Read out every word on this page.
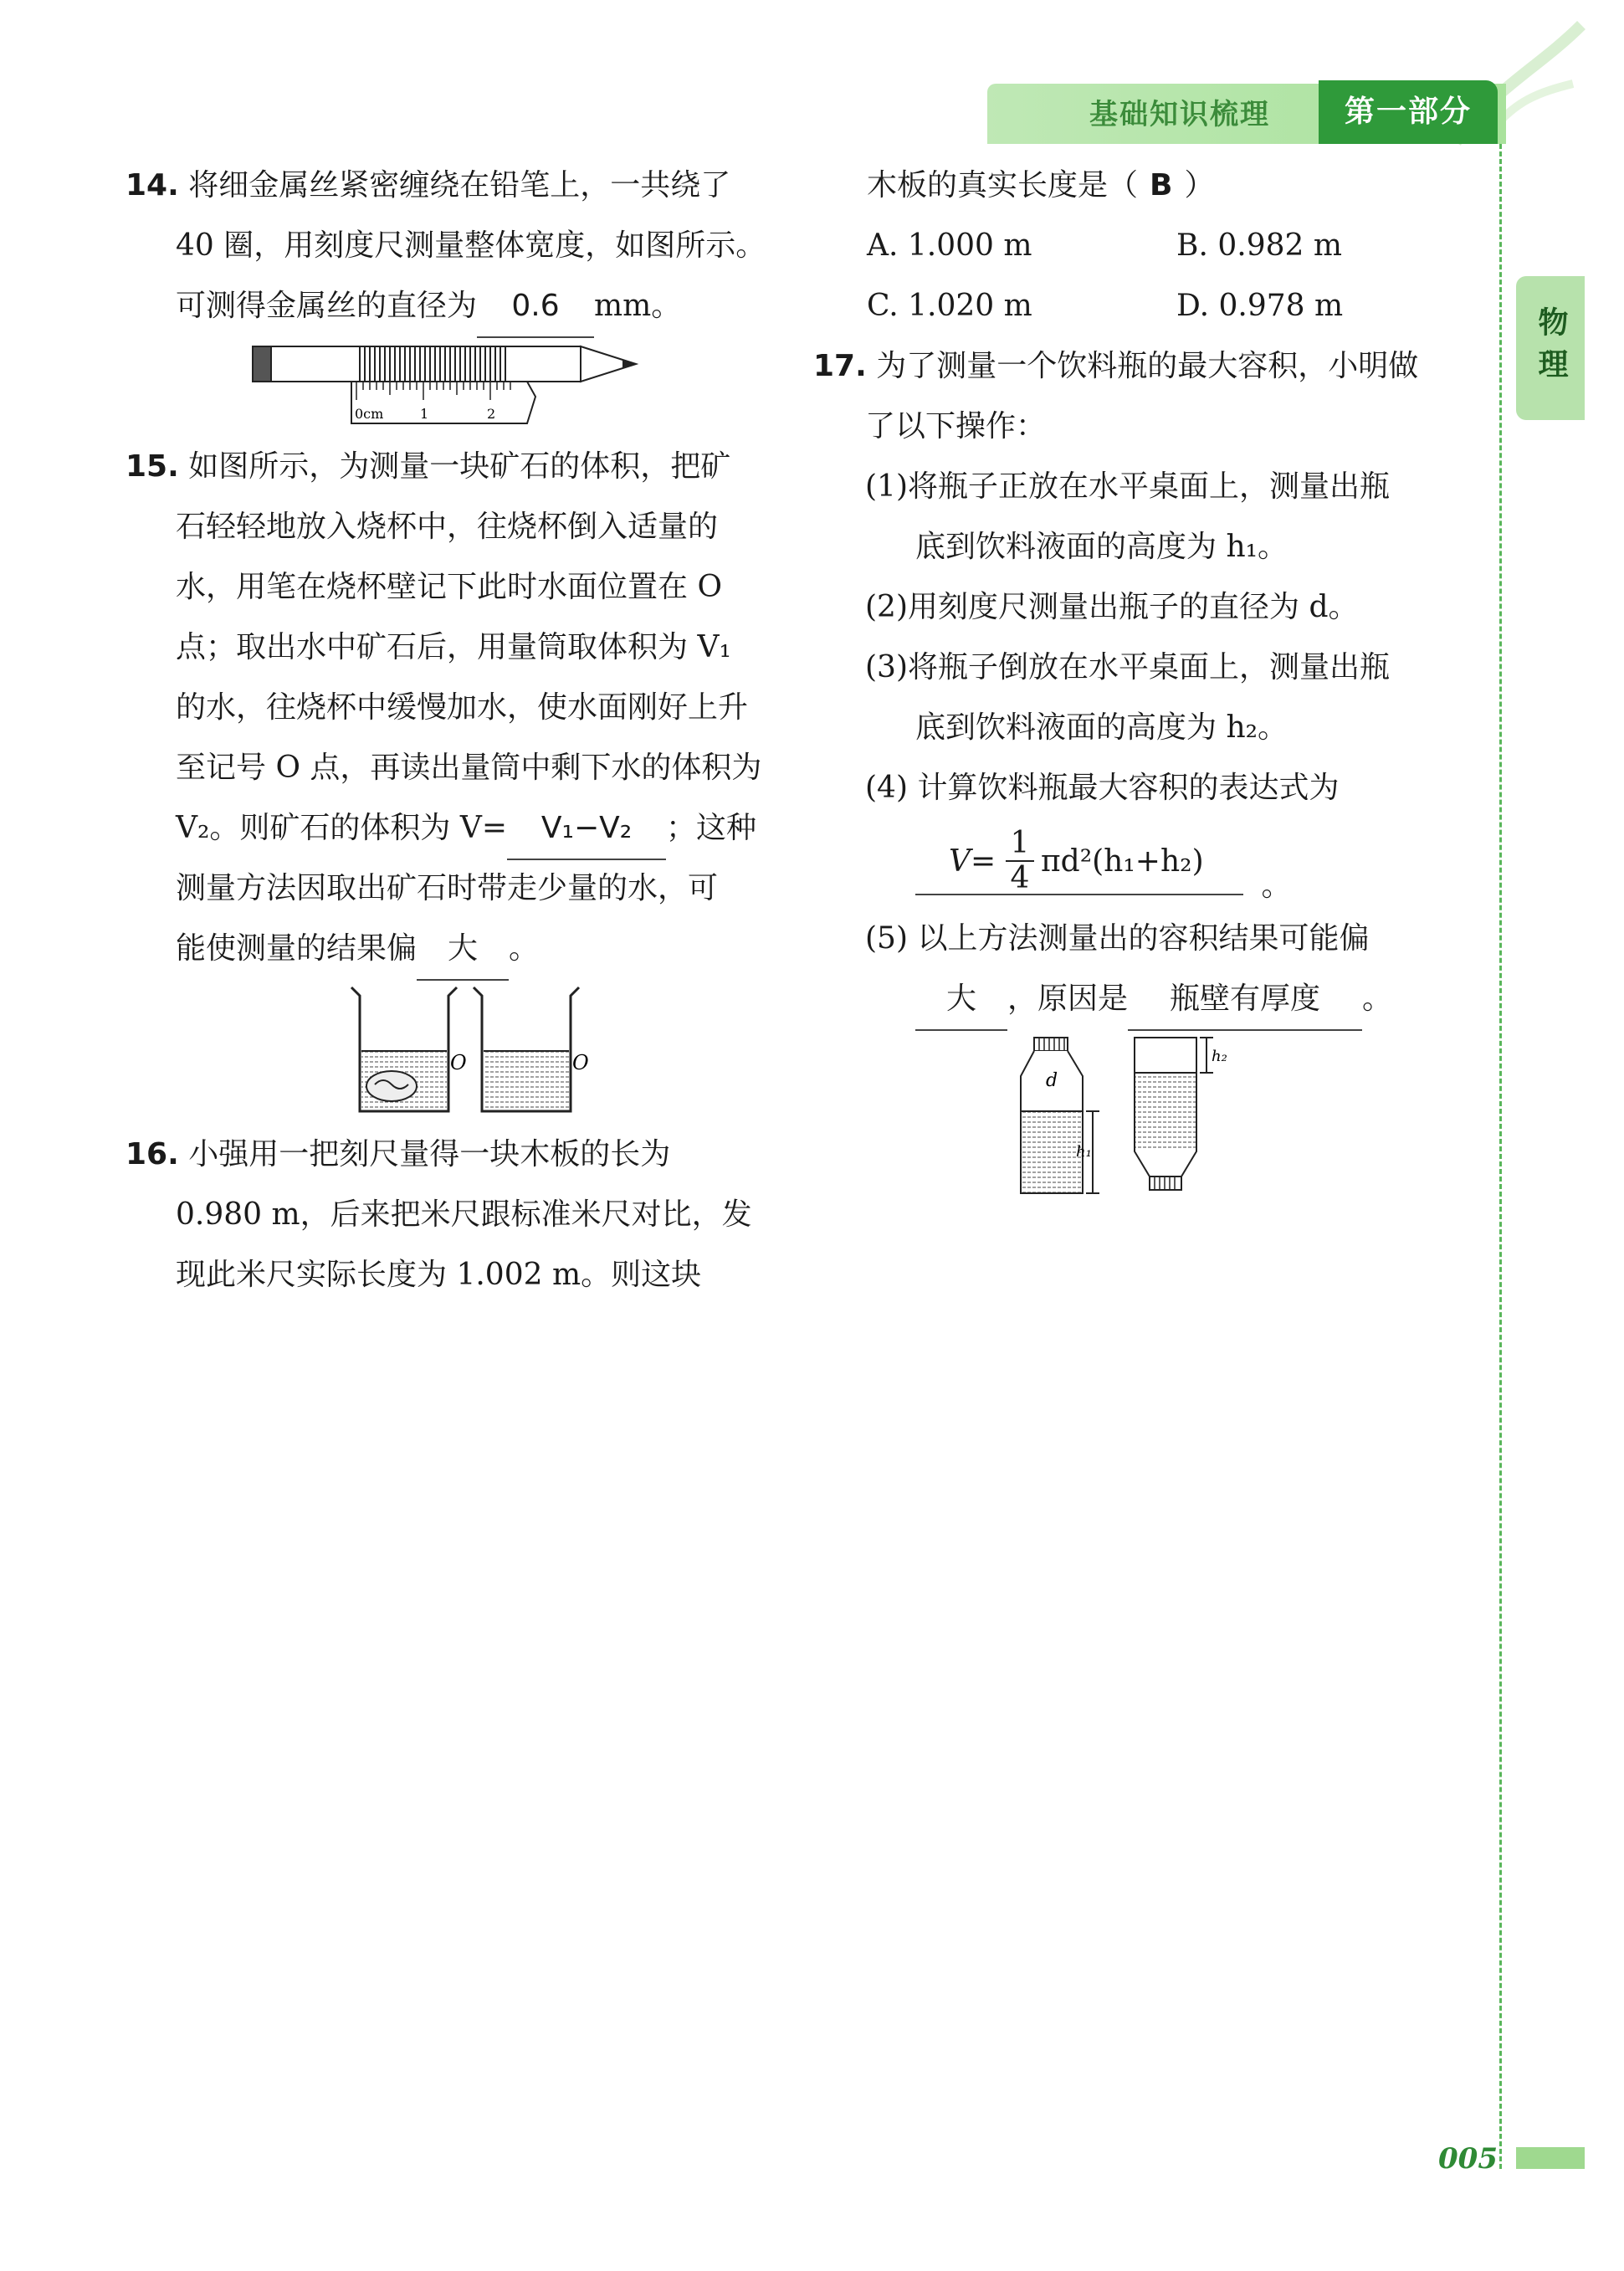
基础知识梳理	第一部分
物理
14. 将细金属丝紧密缠绕在铅笔上，一共绕了
40 圈，用刻度尺测量整体宽度，如图所示。
可测得金属丝的直径为 0.6 mm。
0cm	1	2
15. 如图所示，为测量一块矿石的体积，把矿
石轻轻地放入烧杯中，往烧杯倒入适量的
水，用笔在烧杯壁记下此时水面位置在 O
点；取出水中矿石后，用量筒取体积为 V₁
的水，往烧杯中缓慢加水，使水面刚好上升
至记号 O 点，再读出量筒中剩下水的体积为
V₂。则矿石的体积为 V= V₁−V₂ ；这种
测量方法因取出矿石时带走少量的水，可
能使测量的结果偏 大 。
O	O
16. 小强用一把刻尺量得一块木板的长为
0.980 m，后来把米尺跟标准米尺对比，发
现此米尺实际长度为 1.002 m。则这块
木板的真实长度是（ B ）
A. 1.000 m	B. 0.982 m
C. 1.020 m	D. 0.978 m
17. 为了测量一个饮料瓶的最大容积，小明做
了以下操作：
(1)将瓶子正放在水平桌面上，测量出瓶
底到饮料液面的高度为 h₁。
(2)用刻度尺测量出瓶子的直径为 d。
(3)将瓶子倒放在水平桌面上，测量出瓶
底到饮料液面的高度为 h₂。
(4) 计算饮料瓶最大容积的表达式为
V=
1
4 πd²(h₁+h₂)
。
(5) 以上方法测量出的容积结果可能偏
大 ，原因是 瓶壁有厚度 。
d
h₁
h₂
005
